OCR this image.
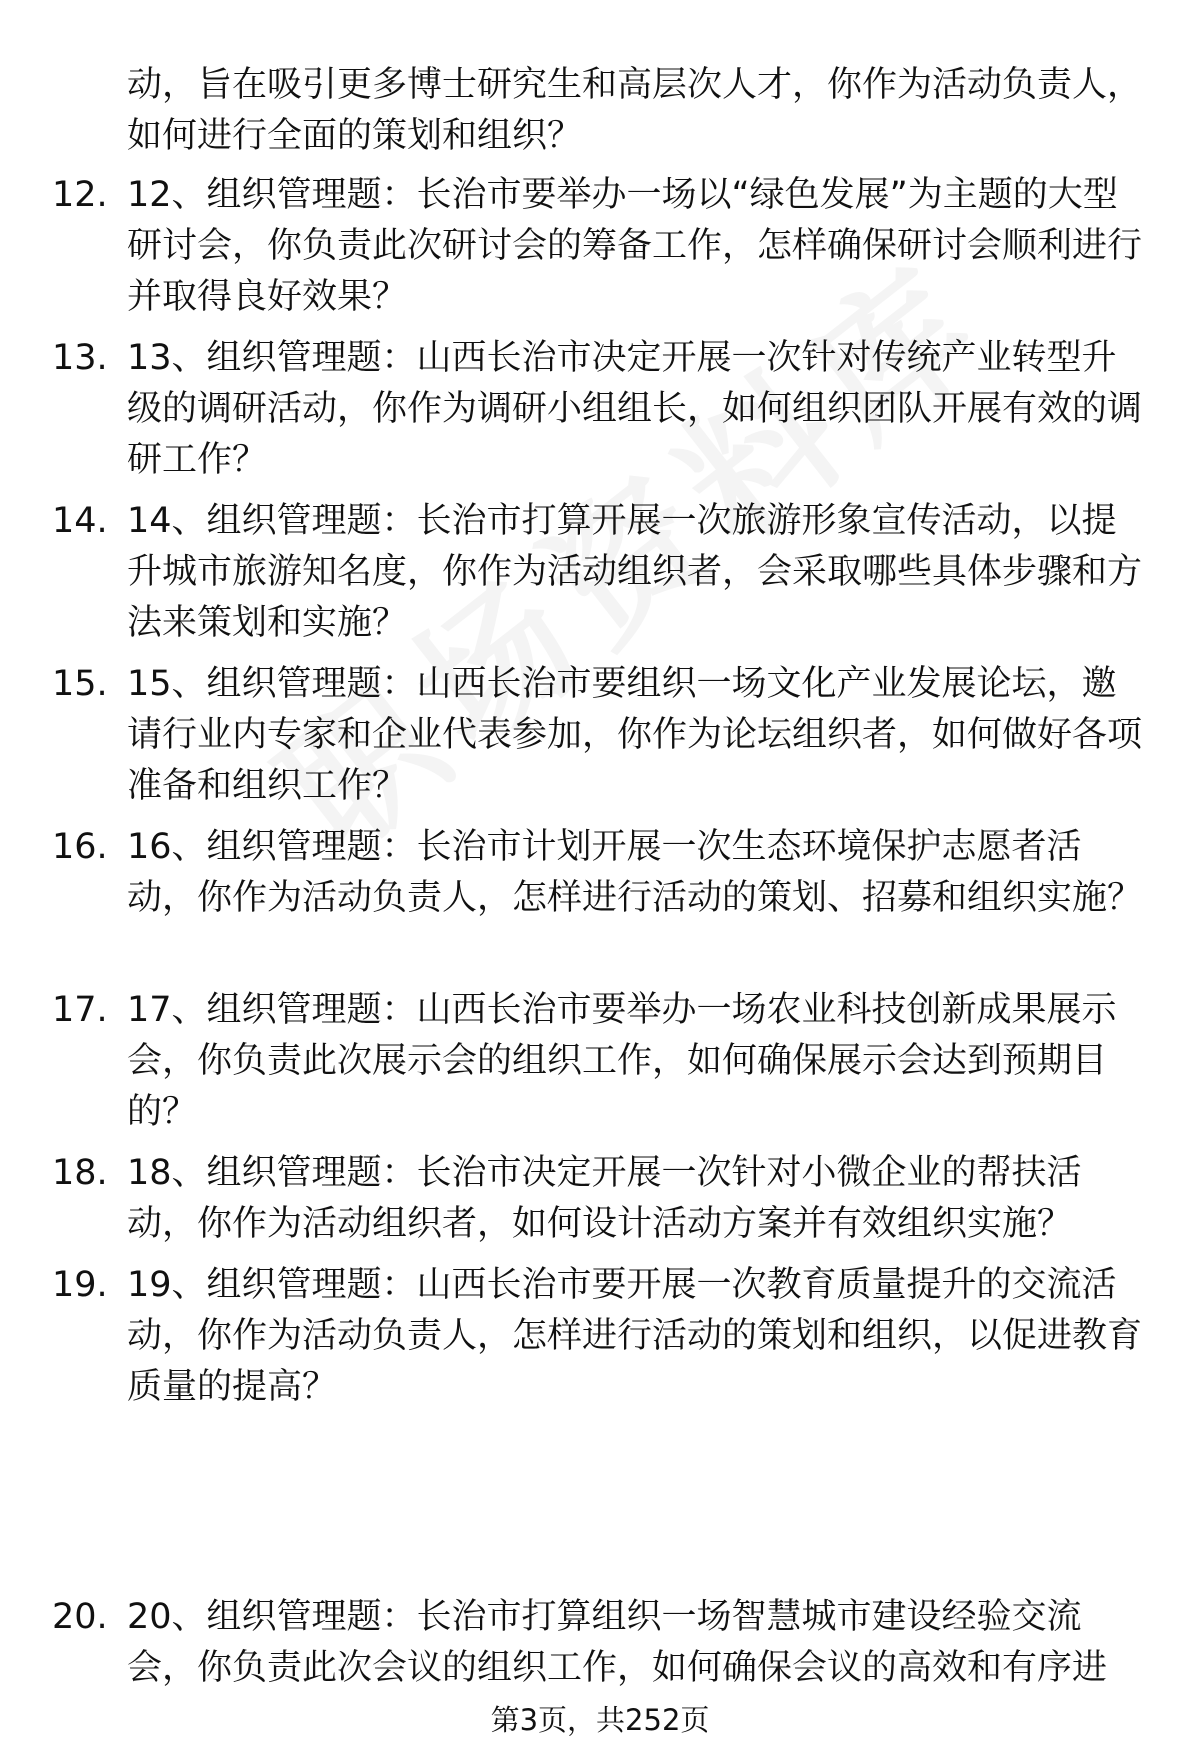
动，旨在吸引更多博士研究生和高层次人才，你作为活动负责人，如何进行全面的策划和组织？
12. 12、组织管理题：长治市要举办一场以“绿色发展”为主题的大型研讨会，你负责此次研讨会的筹备工作，怎样确保研讨会顺利进行并取得良好效果？
13. 13、组织管理题：山西长治市决定开展一次针对传统产业转型升级的调研活动，你作为调研小组组长，如何组织团队开展有效的调研工作？
14. 14、组织管理题：长治市打算开展一次旅游形象宣传活动，以提升城市旅游知名度，你作为活动组织者，会采取哪些具体步骤和方法来策划和实施？
15. 15、组织管理题：山西长治市要组织一场文化产业发展论坛，邀请行业内专家和企业代表参加，你作为论坛组织者，如何做好各项准备和组织工作？
16. 16、组织管理题：长治市计划开展一次生态环境保护志愿者活动，你作为活动负责人，怎样进行活动的策划、招募和组织实施？
17. 17、组织管理题：山西长治市要举办一场农业科技创新成果展示会，你负责此次展示会的组织工作，如何确保展示会达到预期目的？
18. 18、组织管理题：长治市决定开展一次针对小微企业的帮扶活动，你作为活动组织者，如何设计活动方案并有效组织实施？
19. 19、组织管理题：山西长治市要开展一次教育质量提升的交流活动，你作为活动负责人，怎样进行活动的策划和组织，以促进教育质量的提高？
20. 20、组织管理题：长治市打算组织一场智慧城市建设经验交流会，你负责此次会议的组织工作，如何确保会议的高效和有序进
第3页，共252页
